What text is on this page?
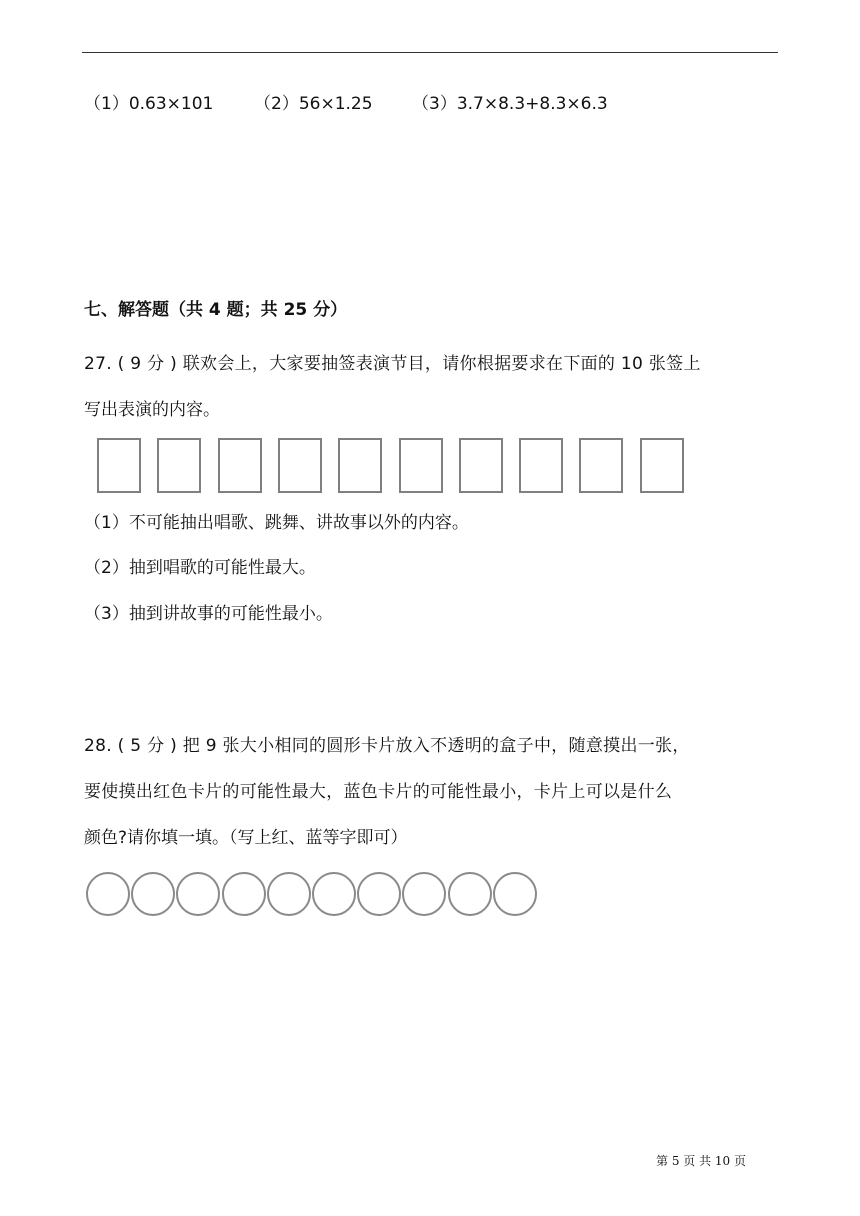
（1）0.63×101 （2）56×1.25 （3）3.7×8.3+8.3×6.3
七、解答题（共 4 题；共 25 分）
27. ( 9 分 ) 联欢会上，大家要抽签表演节目，请你根据要求在下面的 10 张签上
写出表演的内容。
（1）不可能抽出唱歌、跳舞、讲故事以外的内容。
（2）抽到唱歌的可能性最大。
（3）抽到讲故事的可能性最小。
28. ( 5 分 ) 把 9 张大小相同的圆形卡片放入不透明的盒子中，随意摸出一张，
要使摸出红色卡片的可能性最大，蓝色卡片的可能性最小，卡片上可以是什么
颜色?请你填一填。（写上红、蓝等字即可）
第 5 页 共 10 页
